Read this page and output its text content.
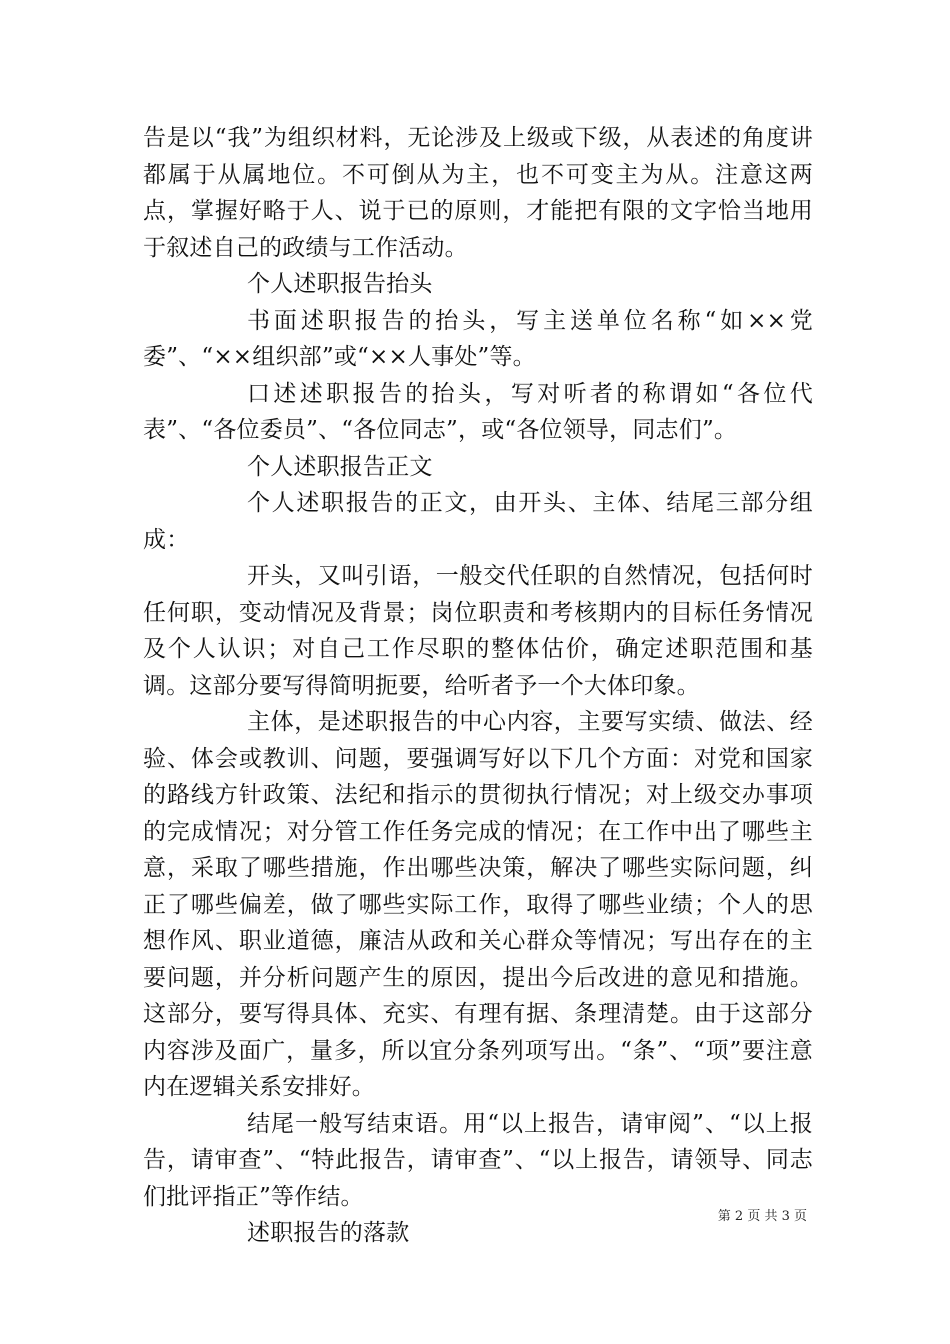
告是以“我”为组织材料，无论涉及上级或下级，从表述的角度讲都属于从属地位。不可倒从为主，也不可变主为从。注意这两点，掌握好略于人、说于已的原则，才能把有限的文字恰当地用于叙述自己的政绩与工作活动。

个人述职报告抬头

书面述职报告的抬头，写主送单位名称“如××党委”、“××组织部”或“××人事处”等。

口述述职报告的抬头，写对听者的称谓如“各位代表”、“各位委员”、“各位同志”，或“各位领导，同志们”。

个人述职报告正文

个人述职报告的正文，由开头、主体、结尾三部分组成：

开头，又叫引语，一般交代任职的自然情况，包括何时任何职，变动情况及背景；岗位职责和考核期内的目标任务情况及个人认识；对自己工作尽职的整体估价，确定述职范围和基调。这部分要写得简明扼要，给听者予一个大体印象。

主体，是述职报告的中心内容，主要写实绩、做法、经验、体会或教训、问题，要强调写好以下几个方面：对党和国家的路线方针政策、法纪和指示的贯彻执行情况；对上级交办事项的完成情况；对分管工作任务完成的情况；在工作中出了哪些主意，采取了哪些措施，作出哪些决策，解决了哪些实际问题，纠正了哪些偏差，做了哪些实际工作，取得了哪些业绩；个人的思想作风、职业道德，廉洁从政和关心群众等情况；写出存在的主要问题，并分析问题产生的原因，提出今后改进的意见和措施。这部分，要写得具体、充实、有理有据、条理清楚。由于这部分内容涉及面广，量多，所以宜分条列项写出。“条”、“项”要注意内在逻辑关系安排好。

结尾一般写结束语。用“以上报告，请审阅”、“以上报告，请审查”、“特此报告，请审查”、“以上报告，请领导、同志们批评指正”等作结。

述职报告的落款

第 2 页 共 3 页
